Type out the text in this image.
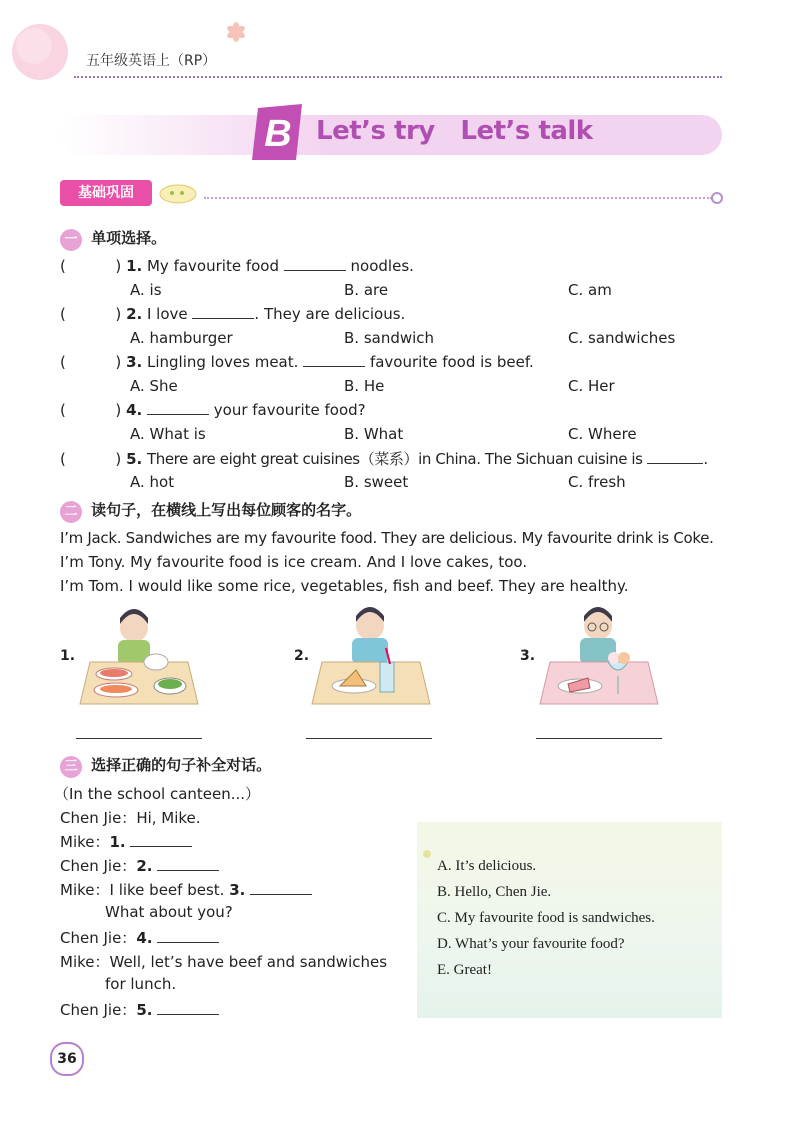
五年级英语上（RP）
B Let’s try   Let’s talk
基础巩固
一 单项选择。
(	) 1. My favourite food	noodles.
A. is	B. are	C. am
(	) 2. I love	. They are delicious.
A. hamburger	B. sandwich	C. sandwiches
(	) 3. Lingling loves meat.	favourite food is beef.
A. She	B. He	C. Her
(	) 4.	your favourite food?
A. What is	B. What	C. Where
(	) 5. There are eight great cuisines（菜系）in China. The Sichuan cuisine is	.
A. hot	B. sweet	C. fresh
二 读句子，在横线上写出每位顾客的名字。
I’m Jack. Sandwiches are my favourite food. They are delicious. My favourite drink is Coke.
I’m Tony. My favourite food is ice cream. And I love cakes, too.
I’m Tom. I would like some rice, vegetables, fish and beef. They are healthy.
1.	2.	3.
三 选择正确的句子补全对话。
（In the school canteen...）
Chen Jie：Hi, Mike.
Mike：1.
Chen Jie：2.
Mike：I like beef best. 3.
What about you?
Chen Jie：4.
Mike：Well, let’s have beef and sandwiches
for lunch.
Chen Jie：5.
A. It’s delicious.
B. Hello, Chen Jie.
C. My favourite food is sandwiches.
D. What’s your favourite food?
E. Great!
36
